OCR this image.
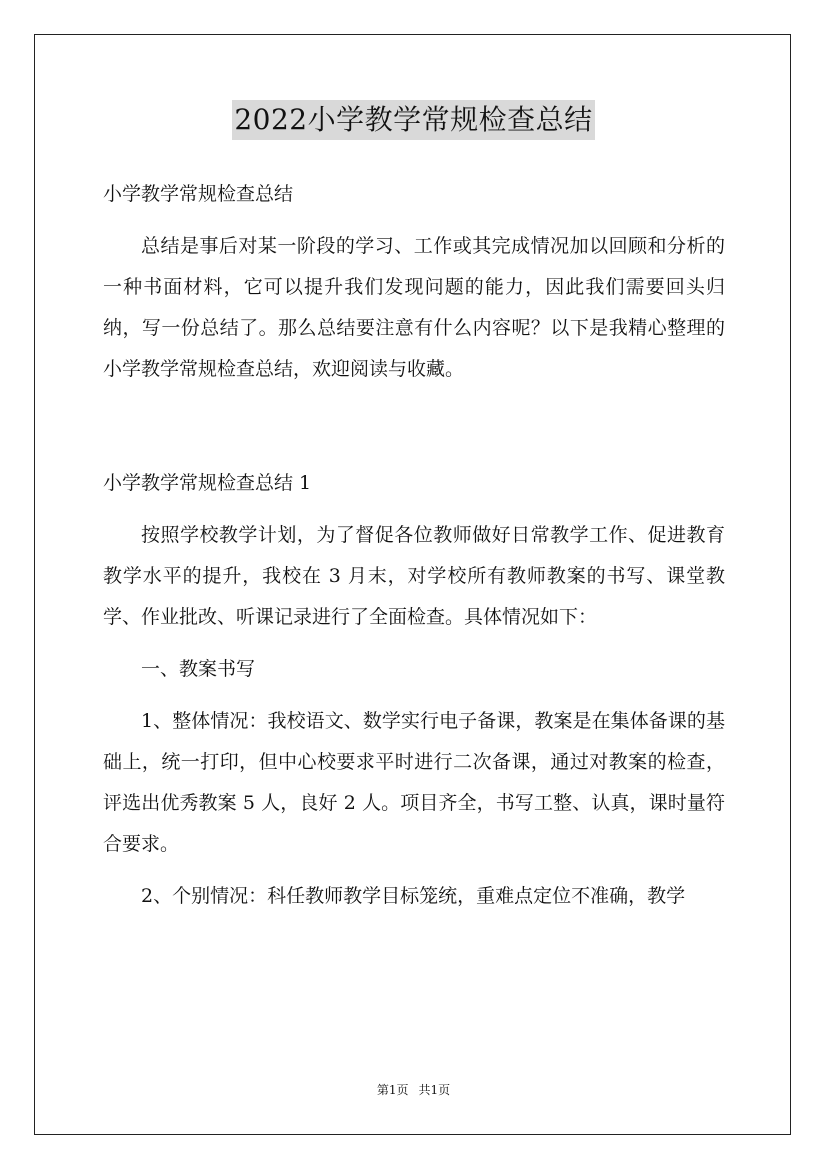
2022小学教学常规检查总结

小学教学常规检查总结

总结是事后对某一阶段的学习、工作或其完成情况加以回顾和分析的一种书面材料，它可以提升我们发现问题的能力，因此我们需要回头归纳，写一份总结了。那么总结要注意有什么内容呢？以下是我精心整理的小学教学常规检查总结，欢迎阅读与收藏。

小学教学常规检查总结 1

按照学校教学计划，为了督促各位教师做好日常教学工作、促进教育教学水平的提升，我校在 3 月末，对学校所有教师教案的书写、课堂教学、作业批改、听课记录进行了全面检查。具体情况如下：

一、教案书写

1、整体情况：我校语文、数学实行电子备课，教案是在集体备课的基础上，统一打印，但中心校要求平时进行二次备课，通过对教案的检查，评选出优秀教案 5 人，良好 2 人。项目齐全，书写工整、认真，课时量符合要求。

2、个别情况：科任教师教学目标笼统，重难点定位不准确，教学

第1页 共1页
